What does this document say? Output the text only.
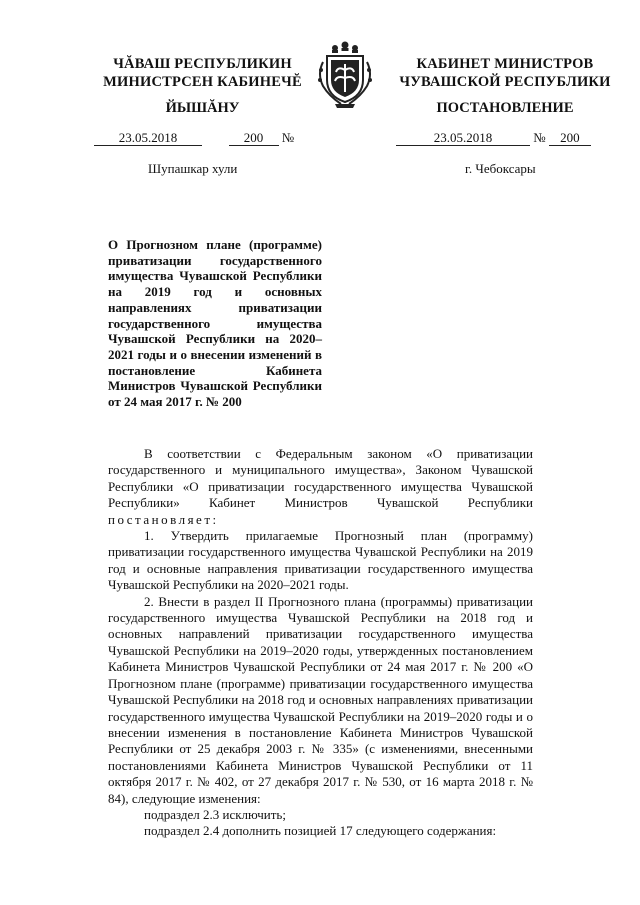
ЧĂВАШ РЕСПУБЛИКИН
МИНИСТРСЕН КАБИНЕЧĔ
ЙЫШĂНУ
КАБИНЕТ МИНИСТРОВ
ЧУВАШСКОЙ РЕСПУБЛИКИ
ПОСТАНОВЛЕНИЕ
23.05.2018	200 №	23.05.2018	№ 200
Шупашкар хули	г. Чебоксары
О Прогнозном плане (программе) приватизации государственного имущества Чувашской Республики на 2019 год и основных направлениях приватизации государственного имущества Чувашской Республики на 2020–2021 годы и о внесении изменений в постановление Кабинета Министров Чувашской Республики от 24 мая 2017 г. № 200

В соответствии с Федеральным законом «О приватизации государственного и муниципального имущества», Законом Чувашской Республики «О приватизации государственного имущества Чувашской Республики» Кабинет Министров Чувашской Республики постановляет:

1. Утвердить прилагаемые Прогнозный план (программу) приватизации государственного имущества Чувашской Республики на 2019 год и основные направления приватизации государственного имущества Чувашской Республики на 2020–2021 годы.

2. Внести в раздел II Прогнозного плана (программы) приватизации государственного имущества Чувашской Республики на 2018 год и основных направлений приватизации государственного имущества Чувашской Республики на 2019–2020 годы, утвержденных постановлением Кабинета Министров Чувашской Республики от 24 мая 2017 г. № 200 «О Прогнозном плане (программе) приватизации государственного имущества Чувашской Республики на 2018 год и основных направлениях приватизации государственного имущества Чувашской Республики на 2019–2020 годы и о внесении изменения в постановление Кабинета Министров Чувашской Республики от 25 декабря 2003 г. № 335» (с изменениями, внесенными постановлениями Кабинета Министров Чувашской Республики от 11 октября 2017 г. № 402, от 27 декабря 2017 г. № 530, от 16 марта 2018 г. № 84), следующие изменения:

подраздел 2.3 исключить;

подраздел 2.4 дополнить позицией 17 следующего содержания:
